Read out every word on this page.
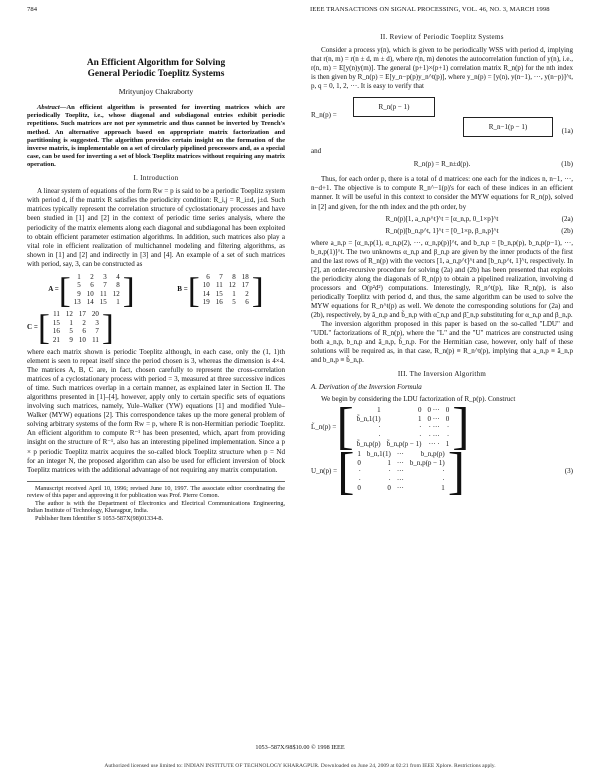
784	IEEE TRANSACTIONS ON SIGNAL PROCESSING, VOL. 46, NO. 3, MARCH 1998
An Efficient Algorithm for Solving
General Periodic Toeplitz Systems
Mrityunjoy Chakraborty

Abstract—An efficient algorithm is presented for inverting matrices which are periodically Toeplitz, i.e., whose diagonal and subdiagonal entries exhibit periodic repetitions. Such matrices are not per symmetric and thus cannot be inverted by Trench's method. An alternative approach based on appropriate matrix factorization and partitioning is suggested. The algorithm provides certain insight on the formation of the inverse matrix, is implementable on a set of circularly pipelined processors and, as a special case, can be used for inverting a set of block Toeplitz matrices without requiring any matrix operation.

I. Introduction

A linear system of equations of the form Rw = p is said to be a periodic Toeplitz system with period d, if the matrix R satisfies the periodicity condition: R_i,j = R_i±d, j±d. Such matrices typically represent the correlation structure of cyclostationary processes and have been studied in [1] and [2] in the context of periodic time series analysis, where the periodicity of the matrix elements along each diagonal and subdiagonal has been exploited to obtain efficient parameter estimation algorithms. In addition, such matrices also play a vital role in efficient realization of multichannel modeling and filtering algorithms, as shown in [1] and [2] and indirectly in [3] and [4]. An example of a set of such matrices with period, say, 3, can be constructed as

A = [ 1	2	3	4
5	6	7	8
9	10	11	12
13	14	15	1 ]	B = [ 6	7	8	18
10	11	12	17
14	15	1	2
19	16	5	6 ]
C = [ 11	12	17	20
15	1	2	3
16	5	6	7
21	9	10	11 ]

where each matrix shown is periodic Toeplitz although, in each case, only the (1, 1)th element is seen to repeat itself since the period chosen is 3, whereas the dimension is 4×4. The matrices A, B, C are, in fact, chosen carefully to represent the cross-correlation matrices of a cyclostationary process with period = 3, measured at three successive indices of time. Such matrices overlap in a certain manner, as explained later in Section II. The algorithms presented in [1]–[4], however, apply only to certain specific sets of equations involving such matrices, namely, Yule–Walker (YW) equations [1] and modified Yule–Walker (MYW) equations [2]. This correspondence takes up the more general problem of solving arbitrary systems of the form Rw = p, where R is non-Hermitian periodic Toeplitz. An efficient algorithm to compute R⁻¹ has been presented, which, apart from providing insight on the structure of R⁻¹, also has an interesting pipelined implementation. Since a p × p periodic Toeplitz matrix acquires the so-called block Toeplitz structure when p = Nd for an integer N, the proposed algorithm can also be used for efficient inversion of block Toeplitz matrices with the additional advantage of not requiring any matrix computation.

Manuscript received April 10, 1996; revised June 10, 1997. The associate editor coordinating the review of this paper and approving it for publication was Prof. Pierre Comon.

The author is with the Department of Electronics and Electrical Communications Engineering, Indian Institute of Technology, Kharagpur, India.

Publisher Item Identifier S 1053-587X(98)01334-8.

II. Review of Periodic Toeplitz Systems

Consider a process y(n), which is given to be periodically WSS with period d, implying that r(n, m) = r(n ± d, m ± d), where r(n, m) denotes the autocorrelation function of y(n), i.e., r(n, m) = E[y(n)y(m)]. The general (p+1)×(p+1) correlation matrix R_n(p) for the nth index is then given by R_n(p) = E[y_n−p(p)y_n^t(p)], where y_n(p) = [y(n), y(n−1), ···, y(n−p)]^t, p, q = 0, 1, 2, ···. It is easy to verify that

R_n(p) =
R_n(p − 1)
R_n−1(p − 1)
(1a)

and

R_n(p) = R_n±d(p).	(1b)

Thus, for each order p, there is a total of d matrices: one each for the indices n, n−1, ···, n−d+1. The objective is to compute R_n^−1(p)'s for each of these indices in an efficient manner. It will be useful in this context to consider the MYW equations for R_n(p), solved in [2] and given, for the nth index and the pth order, by

R_n(p)[1, a_n,p^t]^t = [α_n,p, 0_1×p]^t	(2a)
R_n(p)[b_n,p^t, 1]^t = [0_1×p, β_n,p]^t	(2b)

where a_n,p = [α_n,p(1), α_n,p(2), ···, α_n,p(p)]^t, and b_n,p = [b_n,p(p), b_n,p(p−1), ···, b_n,p(1)]^t. The two unknowns α_n,p and β_n,p are given by the inner products of the first and the last rows of R_n(p) with the vectors [1, a_n,p^t]^t and [b_n,p^t, 1]^t, respectively. In [2], an order-recursive procedure for solving (2a) and (2b) has been presented that exploits the periodicity along the diagonals of R_n(p) to obtain a pipelined realization, involving d processors and O(p²d²) computations. Interestingly, R_n^t(p), like R_n(p), is also periodically Toeplitz with period d, and thus, the same algorithm can be used to solve the MYW equations for R_n^t(p) as well. We denote the corresponding solutions for (2a) and (2b), respectively, by ã_n,p and b̃_n,p with α̃_n,p and β̃_n,p substituting for α_n,p and β_n,p.

The inversion algorithm proposed in this paper is based on the so-called "LDU" and "UDL" factorizations of R_n(p), where the "L" and the "U" matrices are constructed using both a_n,p, b_n,p and ã_n,p, b̃_n,p. For the Hermitian case, however, only half of these solutions will be required as, in that case, R_n(p) ≡ R_n^t(p), implying that a_n,p ≡ ã_n,p and b_n,p ≡ b̃_n,p.

III. The Inversion Algorithm
A. Derivation of the Inversion Formula

We begin by considering the LDU factorization of R_p(p). Construct

L̃_n(p) = [	1	0	0 ···	0
b̃_n,1(1)	1	0 ···	0
·	·	· ···	·
·	·	· ···	·
b̃_n,p(p)	b̃_n,p(p − 1)	··· ·	1 ]
U_n(p) = [ 1	b_n,1(1)	···	b_n,p(p)
0	1	···	b_n,p(p − 1)
·	·	···	·
·	·	···	·
0	0	···	1 ]	(3)
1053–587X/98$10.00 © 1998 IEEE
Authorized licensed use limited to: INDIAN INSTITUTE OF TECHNOLOGY KHARAGPUR. Downloaded on June 24, 2009 at 02:21 from IEEE Xplore. Restrictions apply.
